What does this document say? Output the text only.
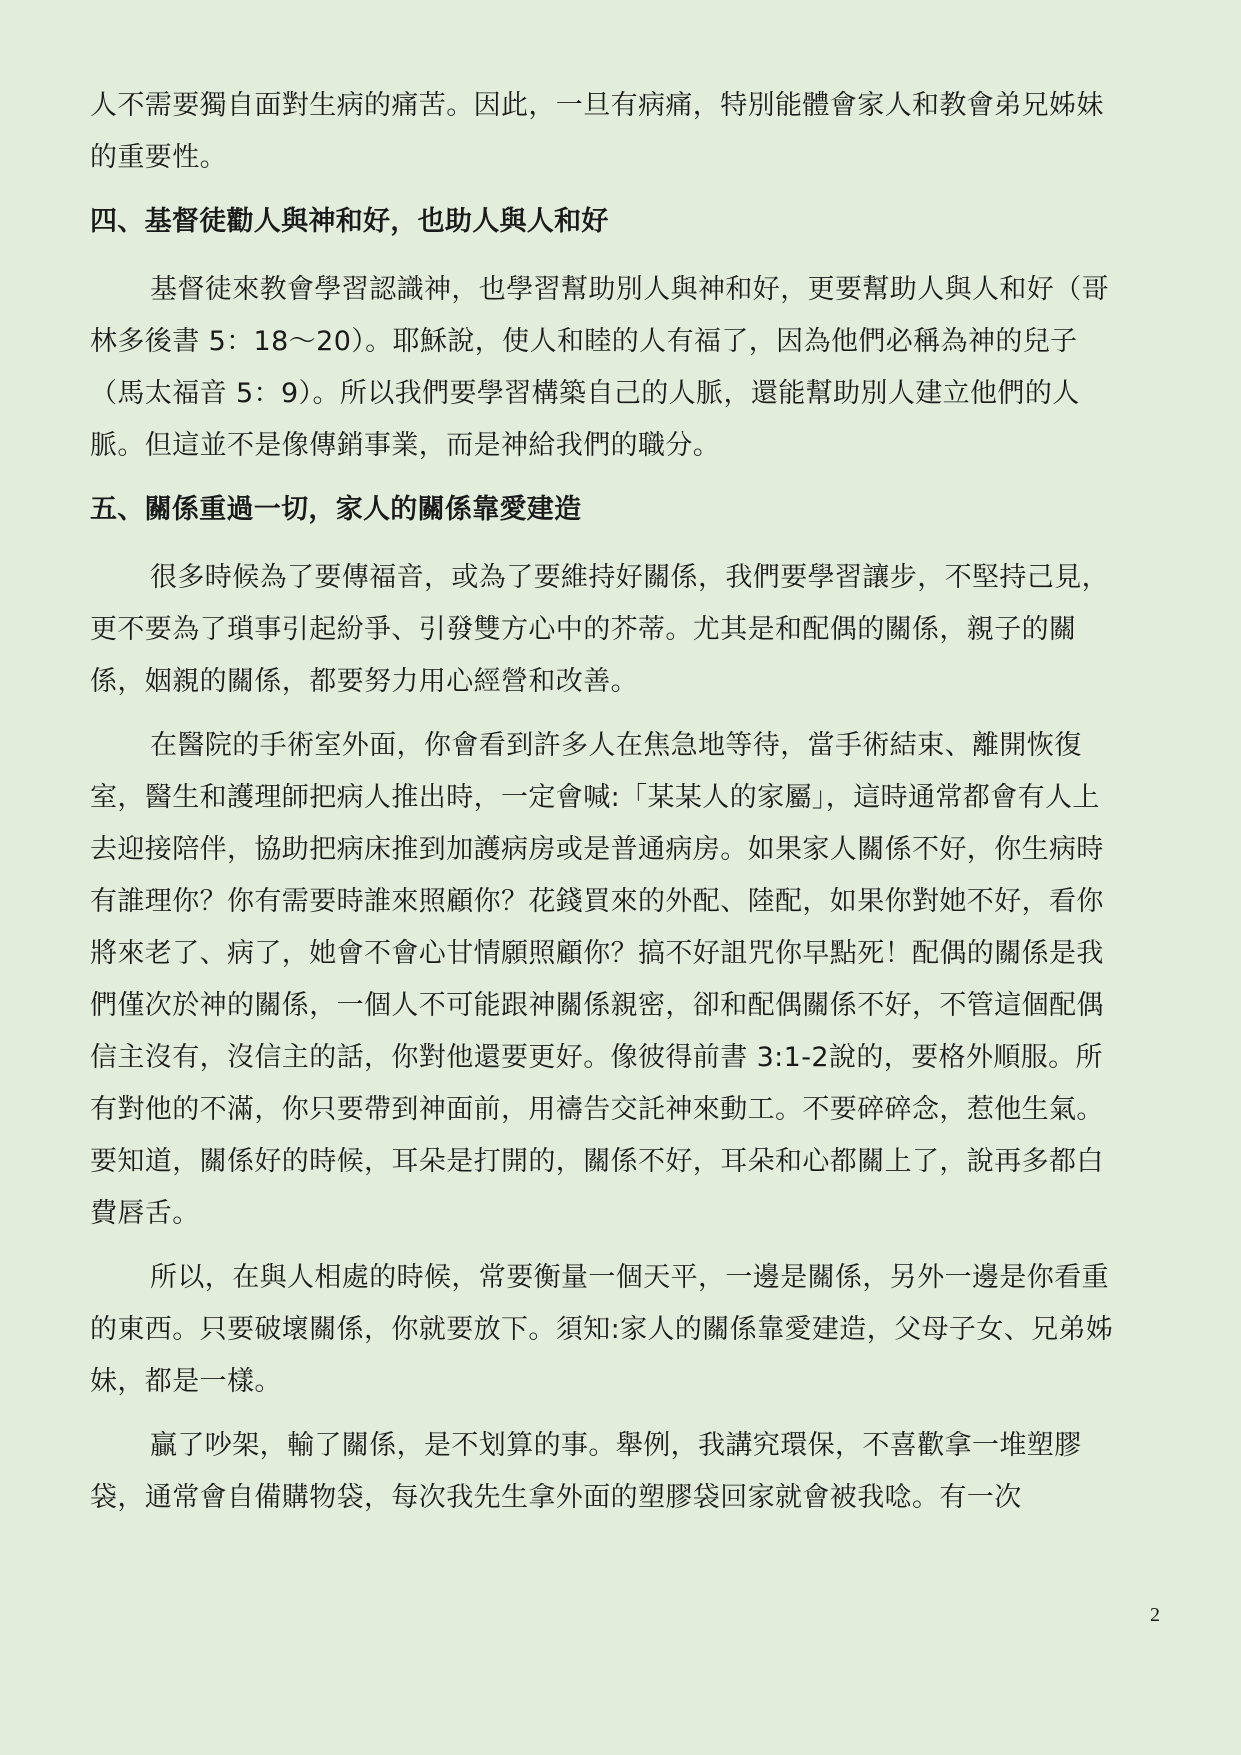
人不需要獨自面對生病的痛苦。因此，一旦有病痛，特別能體會家人和教會弟兄姊妹的重要性。

四、基督徒勸人與神和好，也助人與人和好

基督徒來教會學習認識神，也學習幫助別人與神和好，更要幫助人與人和好（哥林多後書 5：18～20）。耶穌說，使人和睦的人有福了，因為他們必稱為神的兒子（馬太福音 5：9）。所以我們要學習構築自己的人脈，還能幫助別人建立他們的人脈。但這並不是像傳銷事業，而是神給我們的職分。

五、關係重過一切，家人的關係靠愛建造

很多時候為了要傳福音，或為了要維持好關係，我們要學習讓步，不堅持己見，更不要為了瑣事引起紛爭、引發雙方心中的芥蒂。尤其是和配偶的關係，親子的關係，姻親的關係，都要努力用心經營和改善。

在醫院的手術室外面，你會看到許多人在焦急地等待，當手術結束、離開恢復室，醫生和護理師把病人推出時，一定會喊:「某某人的家屬」，這時通常都會有人上去迎接陪伴，協助把病床推到加護病房或是普通病房。如果家人關係不好，你生病時有誰理你？你有需要時誰來照顧你？花錢買來的外配、陸配，如果你對她不好，看你將來老了、病了，她會不會心甘情願照顧你？搞不好詛咒你早點死！配偶的關係是我們僅次於神的關係，一個人不可能跟神關係親密，卻和配偶關係不好，不管這個配偶信主沒有，沒信主的話，你對他還要更好。像彼得前書 3:1-2說的，要格外順服。所有對他的不滿，你只要帶到神面前，用禱告交託神來動工。不要碎碎念，惹他生氣。要知道，關係好的時候，耳朵是打開的，關係不好，耳朵和心都關上了，說再多都白費唇舌。

所以，在與人相處的時候，常要衡量一個天平，一邊是關係，另外一邊是你看重的東西。只要破壞關係，你就要放下。須知:家人的關係靠愛建造，父母子女、兄弟姊妹，都是一樣。

贏了吵架，輸了關係，是不划算的事。舉例，我講究環保，不喜歡拿一堆塑膠袋，通常會自備購物袋，每次我先生拿外面的塑膠袋回家就會被我唸。有一次

2
